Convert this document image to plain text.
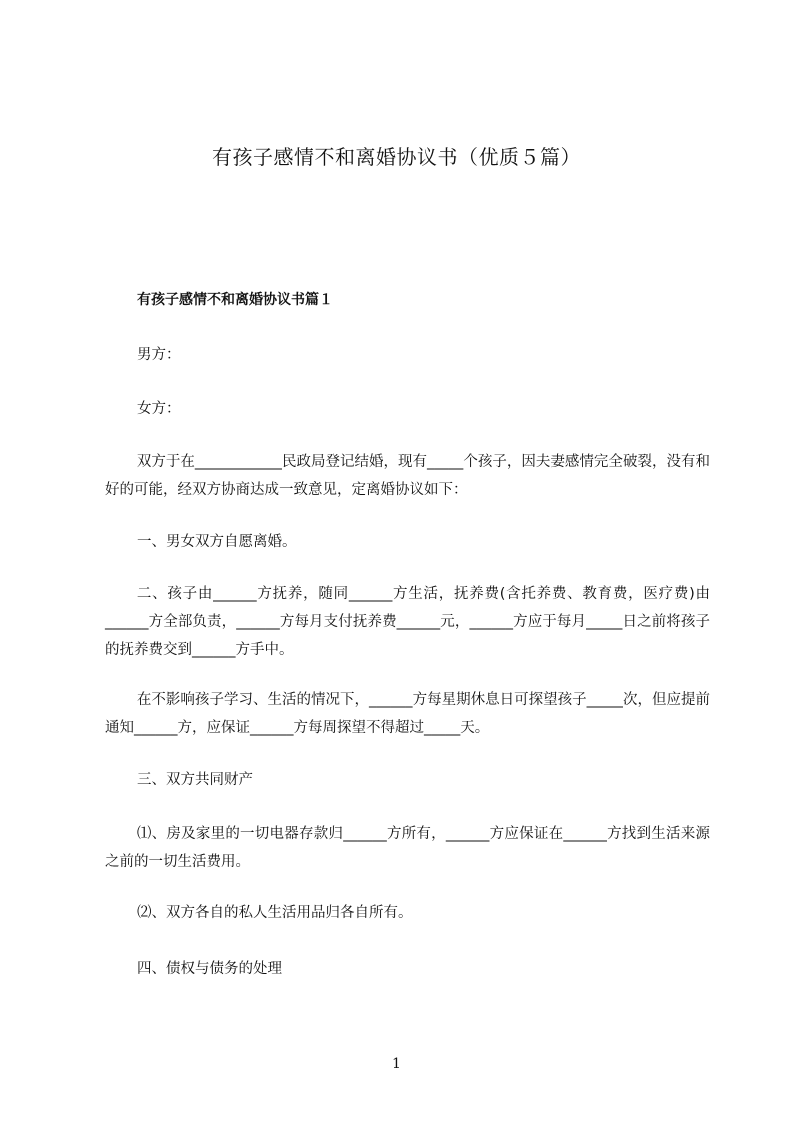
有孩子感情不和离婚协议书（优质５篇）
有孩子感情不和离婚协议书篇１
男方：
女方：
双方于在____________民政局登记结婚，现有_____个孩子，因夫妻感情完全破裂，没有和好的可能，经双方协商达成一致意见，定离婚协议如下：
一、男女双方自愿离婚。
二、孩子由______方抚养，随同______方生活，抚养费(含托养费、教育费，医疗费)由______方全部负责，______方每月支付抚养费______元，______方应于每月_____日之前将孩子的抚养费交到______方手中。
在不影响孩子学习、生活的情况下，______方每星期休息日可探望孩子_____次，但应提前通知______方，应保证______方每周探望不得超过_____天。
三、双方共同财产
⑴、房及家里的一切电器存款归______方所有，______方应保证在______方找到生活来源之前的一切生活费用。
⑵、双方各自的私人生活用品归各自所有。
四、债权与债务的处理
1
